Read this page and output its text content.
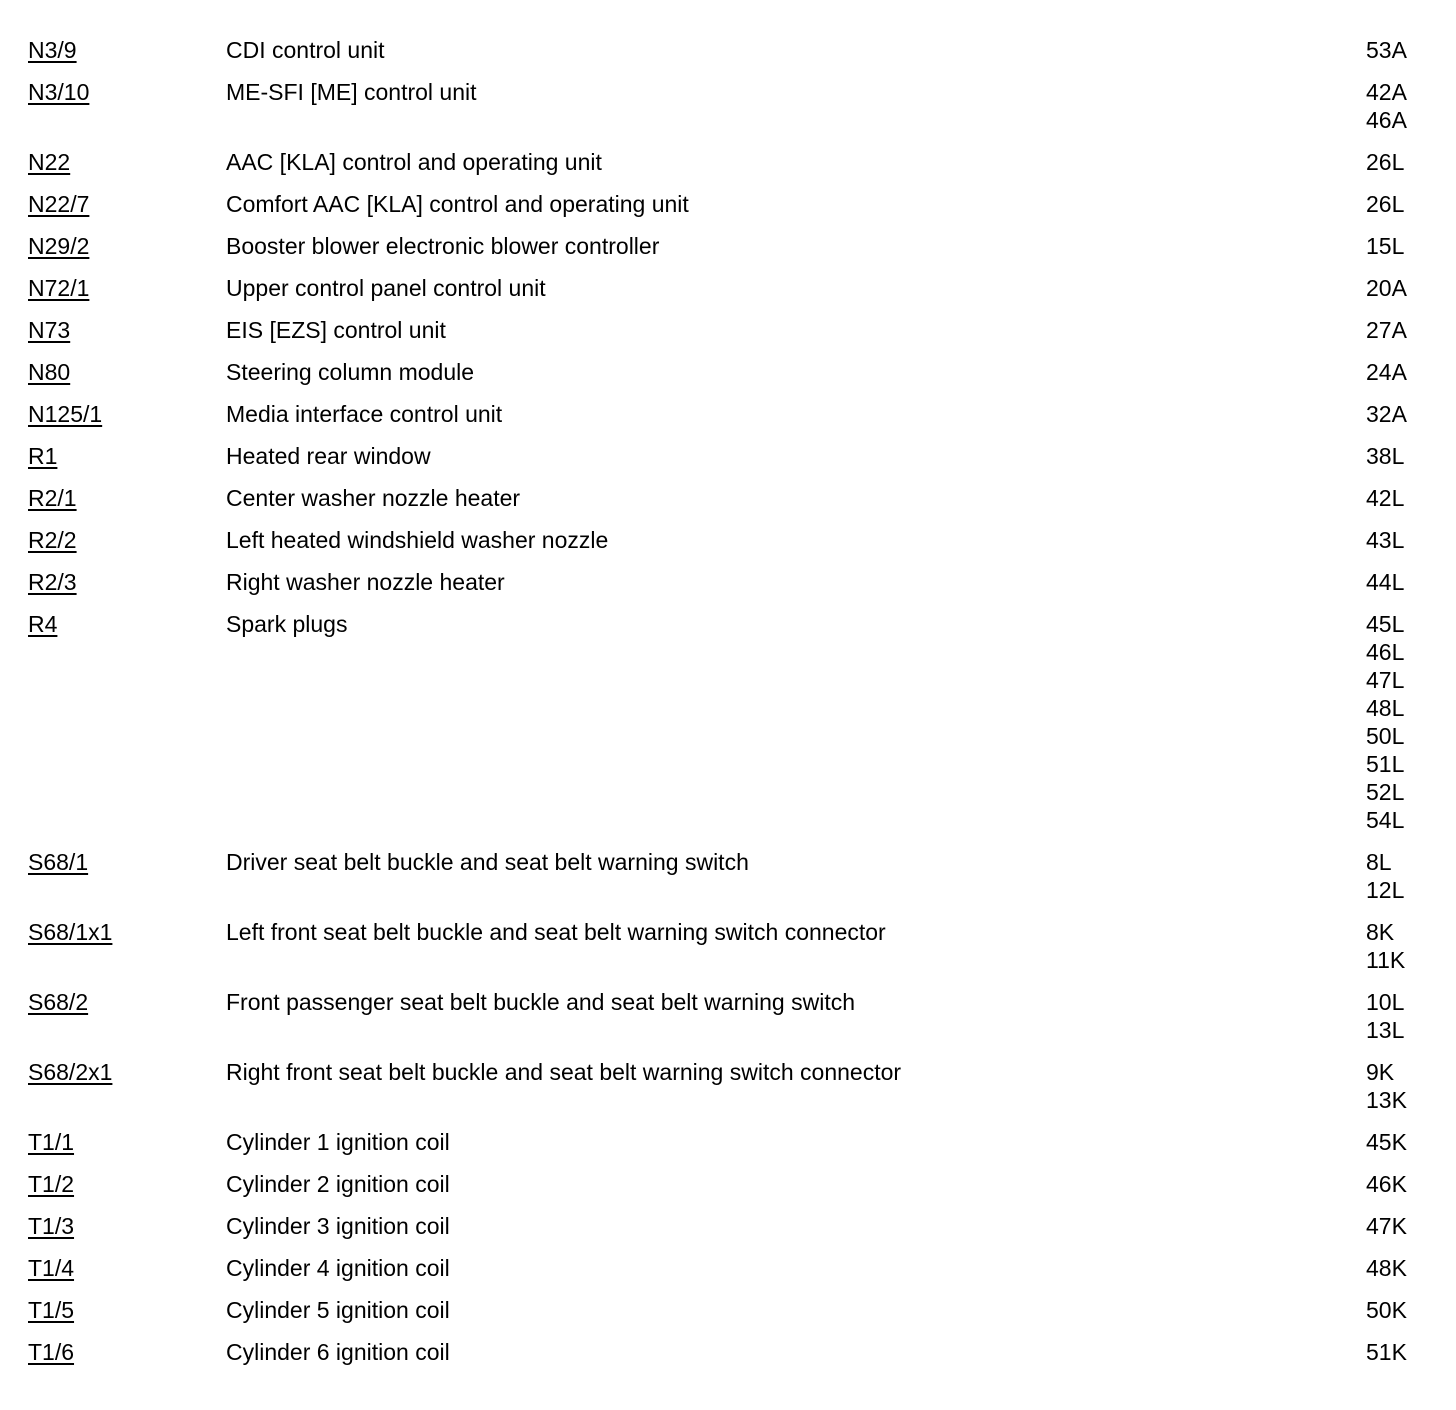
N3/9	CDI control unit	53A
N3/10	ME-SFI [ME] control unit	42A
46A
N22	AAC [KLA] control and operating unit	26L
N22/7	Comfort AAC [KLA] control and operating unit	26L
N29/2	Booster blower electronic blower controller	15L
N72/1	Upper control panel control unit	20A
N73	EIS [EZS] control unit	27A
N80	Steering column module	24A
N125/1	Media interface control unit	32A
R1	Heated rear window	38L
R2/1	Center washer nozzle heater	42L
R2/2	Left heated windshield washer nozzle	43L
R2/3	Right washer nozzle heater	44L
R4	Spark plugs	45L
46L
47L
48L
50L
51L
52L
54L
S68/1	Driver seat belt buckle and seat belt warning switch	8L
12L
S68/1x1	Left front seat belt buckle and seat belt warning switch connector	8K
11K
S68/2	Front passenger seat belt buckle and seat belt warning switch	10L
13L
S68/2x1	Right front seat belt buckle and seat belt warning switch connector	9K
13K
T1/1	Cylinder 1 ignition coil	45K
T1/2	Cylinder 2 ignition coil	46K
T1/3	Cylinder 3 ignition coil	47K
T1/4	Cylinder 4 ignition coil	48K
T1/5	Cylinder 5 ignition coil	50K
T1/6	Cylinder 6 ignition coil	51K
